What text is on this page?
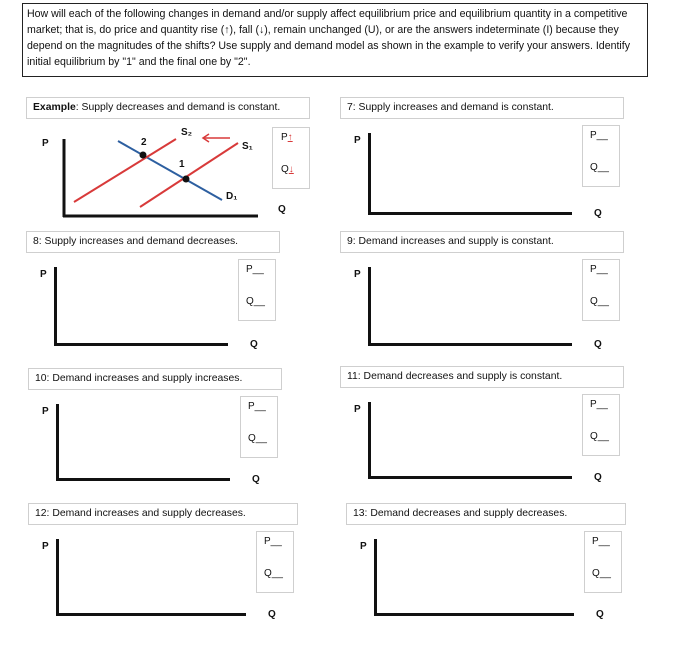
How will each of the following changes in demand and/or supply affect equilibrium price and equilibrium quantity in a competitive market; that is, do price and quantity rise (↑), fall (↓), remain unchanged (U), or are the answers indeterminate (I) because they depend on the magnitudes of the shifts? Use supply and demand model as shown in the example to verify your answers. Identify initial equilibrium by "1" and the final one by "2".
Example: Supply decreases and demand is constant.
P
S₂
S₁
D₁
1
2	P↑
Q↓
Q
7: Supply increases and demand is constant.
P	P__
Q__
Q
8: Supply increases and demand decreases.
P	P__
Q__
Q
9: Demand increases and supply is constant.
P	P__
Q__
Q
10: Demand increases and supply increases.
P	P__
Q__
Q
11: Demand decreases and supply is constant.
P	P__
Q__
Q
12: Demand increases and supply decreases.
P	P__
Q__
Q
13: Demand decreases and supply decreases.
P	P__
Q__
Q
